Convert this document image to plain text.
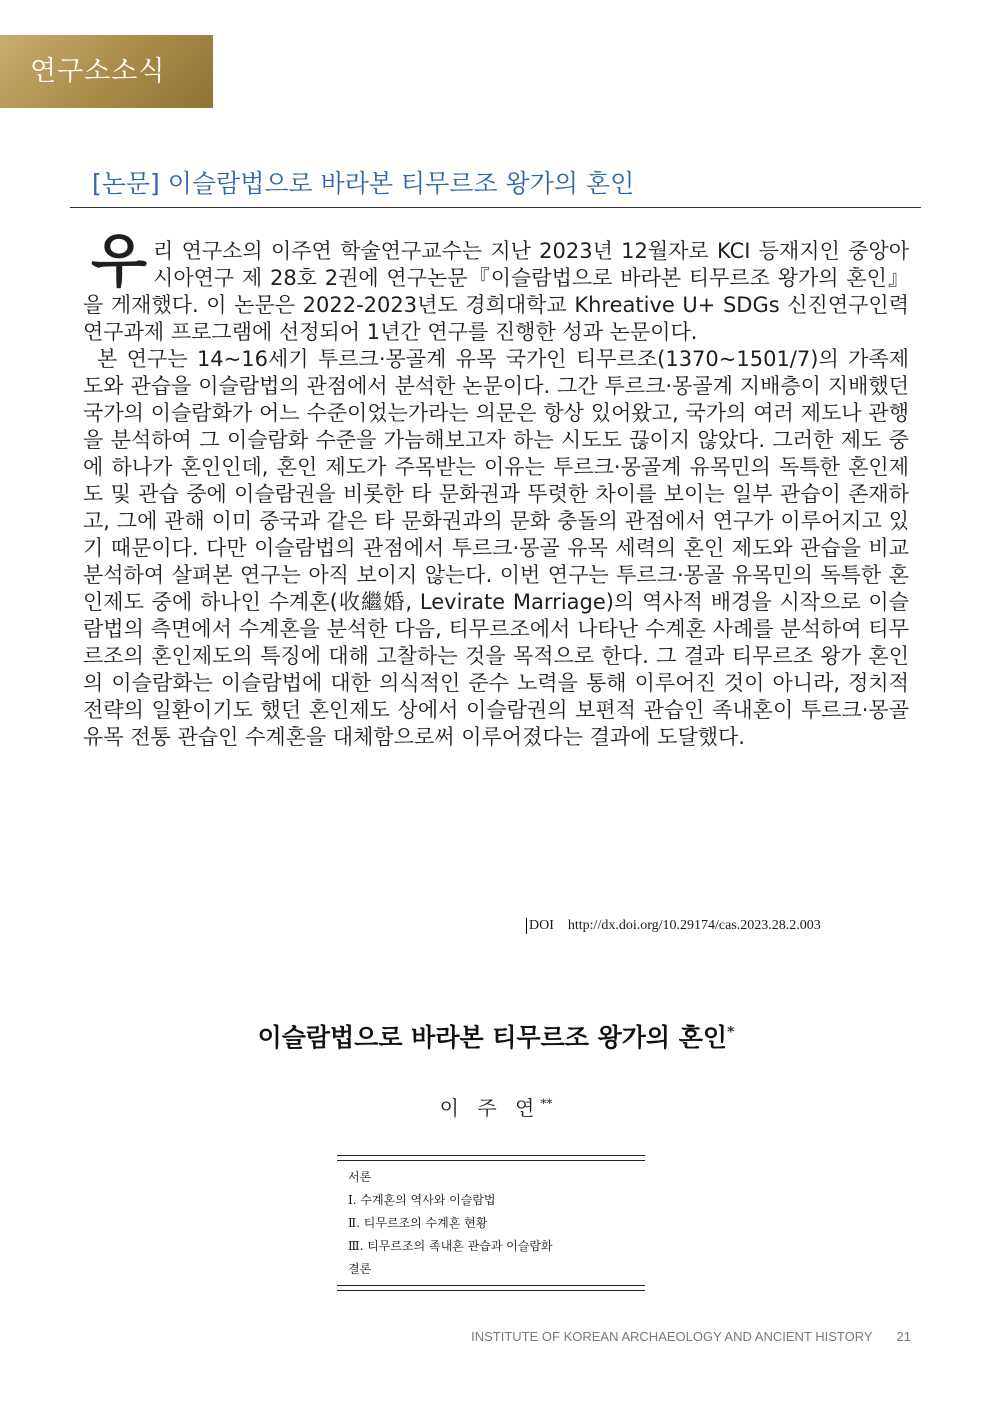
연구소소식
[논문] 이슬람법으로 바라본 티무르조 왕가의 혼인

우리 연구소의 이주연 학술연구교수는 지난 2023년 12월자로 KCI 등재지인 중앙아시아연구 제 28호 2권에 연구논문『이슬람법으로 바라본 티무르조 왕가의 혼인』을 게재했다. 이 논문은 2022-2023년도 경희대학교 Khreative U+ SDGs 신진연구인력 연구과제 프로그램에 선정되어 1년간 연구를 진행한 성과 논문이다.

본 연구는 14~16세기 투르크·몽골계 유목 국가인 티무르조(1370~1501/7)의 가족제도와 관습을 이슬람법의 관점에서 분석한 논문이다. 그간 투르크·몽골계 지배층이 지배했던 국가의 이슬람화가 어느 수준이었는가라는 의문은 항상 있어왔고, 국가의 여러 제도나 관행을 분석하여 그 이슬람화 수준을 가늠해보고자 하는 시도도 끊이지 않았다. 그러한 제도 중에 하나가 혼인인데, 혼인 제도가 주목받는 이유는 투르크·몽골계 유목민의 독특한 혼인제도 및 관습 중에 이슬람권을 비롯한 타 문화권과 뚜렷한 차이를 보이는 일부 관습이 존재하고, 그에 관해 이미 중국과 같은 타 문화권과의 문화 충돌의 관점에서 연구가 이루어지고 있기 때문이다. 다만 이슬람법의 관점에서 투르크·몽골 유목 세력의 혼인 제도와 관습을 비교분석하여 살펴본 연구는 아직 보이지 않는다. 이번 연구는 투르크·몽골 유목민의 독특한 혼인제도 중에 하나인 수계혼(收繼婚, Levirate Marriage)의 역사적 배경을 시작으로 이슬람법의 측면에서 수계혼을 분석한 다음, 티무르조에서 나타난 수계혼 사례를 분석하여 티무르조의 혼인제도의 특징에 대해 고찰하는 것을 목적으로 한다. 그 결과 티무르조 왕가 혼인의 이슬람화는 이슬람법에 대한 의식적인 준수 노력을 통해 이루어진 것이 아니라, 정치적 전략의 일환이기도 했던 혼인제도 상에서 이슬람권의 보편적 관습인 족내혼이 투르크·몽골 유목 전통 관습인 수계혼을 대체함으로써 이루어졌다는 결과에 도달했다.

DOI http://dx.doi.org/10.29174/cas.2023.28.2.003
이슬람법으로 바라본 티무르조 왕가의 혼인*
이 주 연**
서론
Ⅰ. 수계혼의 역사와 이슬람법
Ⅱ. 티무르조의 수계혼 현황
Ⅲ. 티무르조의 족내혼 관습과 이슬람화
결론
INSTITUTE OF KOREAN ARCHAEOLOGY AND ANCIENT HISTORY 21
